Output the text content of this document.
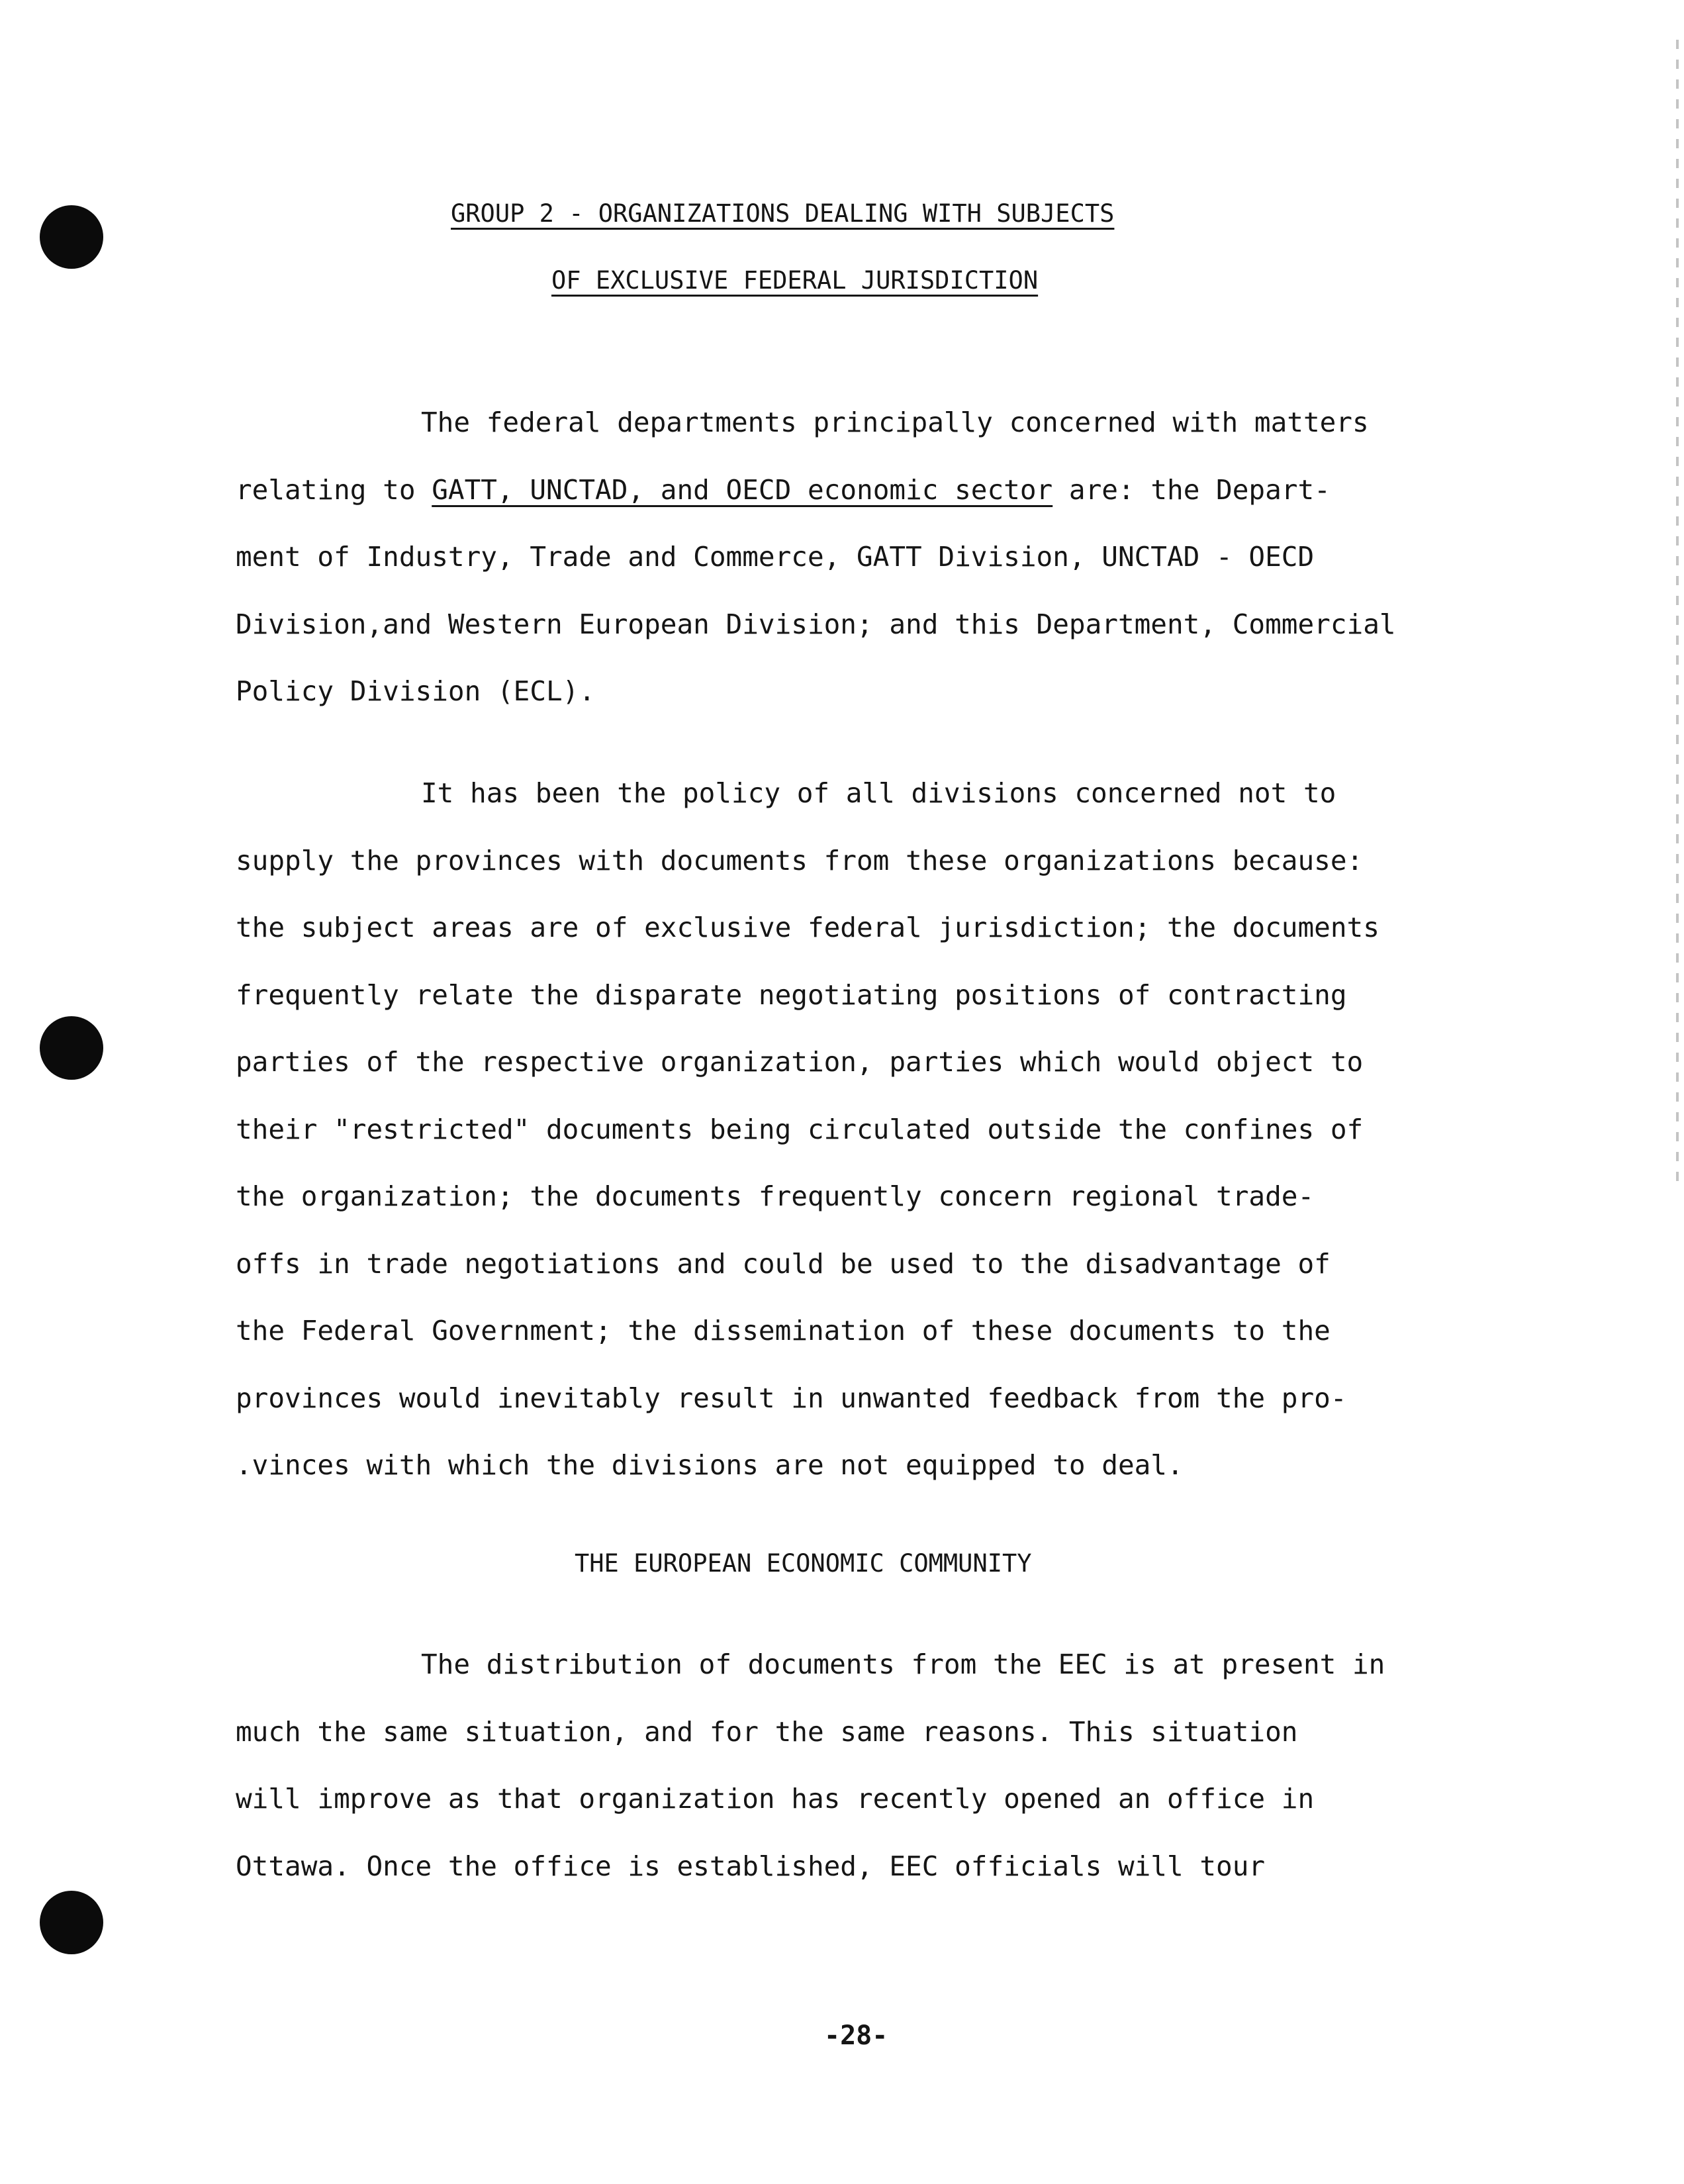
GROUP 2 - ORGANIZATIONS DEALING WITH SUBJECTS
OF EXCLUSIVE FEDERAL JURISDICTION
The federal departments principally concerned with matters
relating to GATT, UNCTAD, and OECD economic sector are: the Depart-
ment of Industry, Trade and Commerce, GATT Division, UNCTAD - OECD
Division,and Western European Division; and this Department, Commercial
Policy Division (ECL).
It has been the policy of all divisions concerned not to
supply the provinces with documents from these organizations because:
the subject areas are of exclusive federal jurisdiction; the documents
frequently relate the disparate negotiating positions of contracting
parties of the respective organization, parties which would object to
their "restricted" documents being circulated outside the confines of
the organization; the documents frequently concern regional trade-
offs in trade negotiations and could be used to the disadvantage of
the Federal Government; the dissemination of these documents to the
provinces would inevitably result in unwanted feedback from the pro-
.vinces with which the divisions are not equipped to deal.
THE EUROPEAN ECONOMIC COMMUNITY
The distribution of documents from the EEC is at present in
much the same situation, and for the same reasons. This situation
will improve as that organization has recently opened an office in
Ottawa. Once the office is established, EEC officials will tour
-28-
